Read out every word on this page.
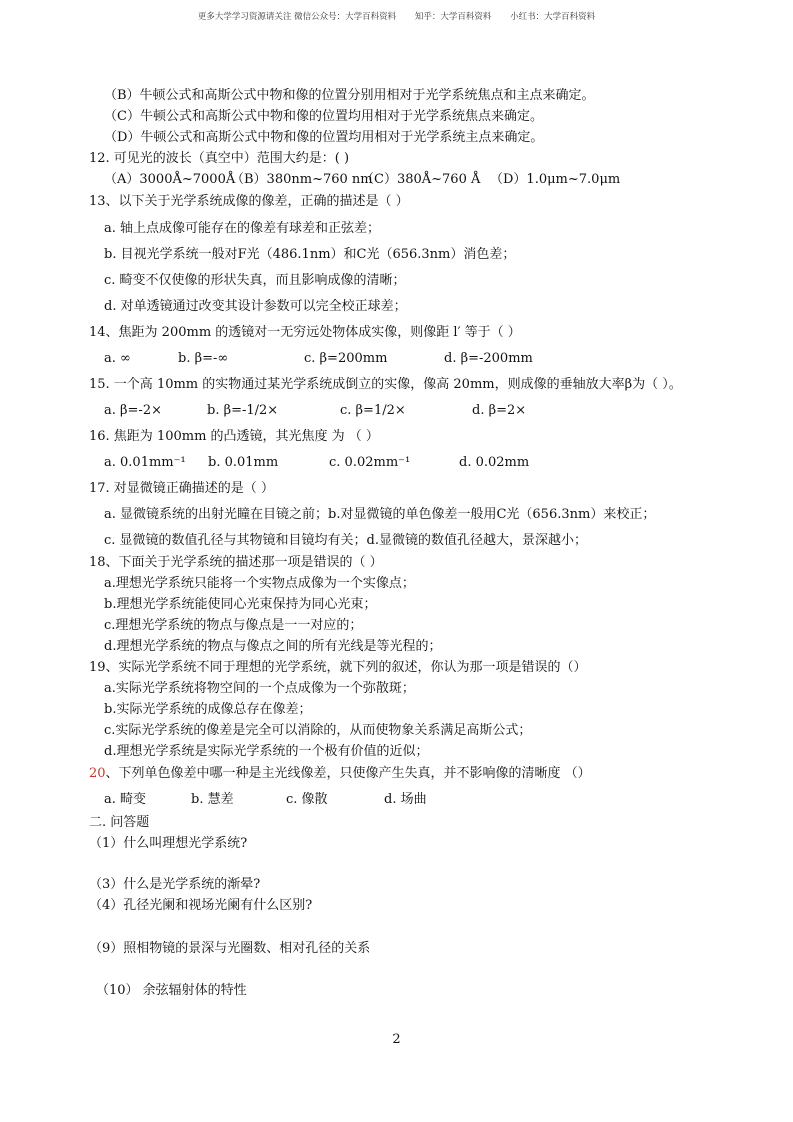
更多大学学习资源请关注 微信公众号：大学百科资料 知乎：大学百科资料 小红书：大学百科资料
（B）牛顿公式和高斯公式中物和像的位置分别用相对于光学系统焦点和主点来确定。
（C）牛顿公式和高斯公式中物和像的位置均用相对于光学系统焦点来确定。
（D）牛顿公式和高斯公式中物和像的位置均用相对于光学系统主点来确定。
12. 可见光的波长（真空中）范围大约是：( )
（A）3000Å~7000Å
（B）380nm~760 nm
（C）380Å~760 Å （D）1.0μm~7.0μm
13、以下关于光学系统成像的像差，正确的描述是（ ）
a. 轴上点成像可能存在的像差有球差和正弦差；
b. 目视光学系统一般对F光（486.1nm）和C光（656.3nm）消色差；
c. 畸变不仅使像的形状失真，而且影响成像的清晰；
d. 对单透镜通过改变其设计参数可以完全校正球差；
14、焦距为 200mm 的透镜对一无穷远处物体成实像，则像距 l′ 等于（ ）
a. ∞	b. β=-∞	c. β=200mm	d. β=-200mm
15. 一个高 10mm 的实物通过某光学系统成倒立的实像，像高 20mm，则成像的垂轴放大率β为（ ）。
a. β=-2×	b. β=-1/2×	c. β=1/2×	d. β=2×
16. 焦距为 100mm 的凸透镜，其光焦度 为 （ ）
a. 0.01mm⁻¹ b. 0.01mm	c. 0.02mm⁻¹	d. 0.02mm
17. 对显微镜正确描述的是（ ）
a. 显微镜系统的出射光瞳在目镜之前；b.对显微镜的单色像差一般用C光（656.3nm）来校正；
c. 显微镜的数值孔径与其物镜和目镜均有关；d.显微镜的数值孔径越大，景深越小；
18、下面关于光学系统的描述那一项是错误的（ ）
a.理想光学系统只能将一个实物点成像为一个实像点；
b.理想光学系统能使同心光束保持为同心光束；
c.理想光学系统的物点与像点是一一对应的；
d.理想光学系统的物点与像点之间的所有光线是等光程的；
19、实际光学系统不同于理想的光学系统，就下列的叙述，你认为那一项是错误的（）
a.实际光学系统将物空间的一个点成像为一个弥散斑；
b.实际光学系统的成像总存在像差；
c.实际光学系统的像差是完全可以消除的，从而使物象关系满足高斯公式；
d.理想光学系统是实际光学系统的一个极有价值的近似；
20、下列单色像差中哪一种是主光线像差，只使像产生失真，并不影响像的清晰度 （）
a. 畸变	b. 慧差	c. 像散	d. 场曲
二. 问答题
（1）什么叫理想光学系统?
（3）什么是光学系统的渐晕?
（4）孔径光阑和视场光阑有什么区别?
（9）照相物镜的景深与光圈数、相对孔径的关系
（10） 余弦辐射体的特性
2
